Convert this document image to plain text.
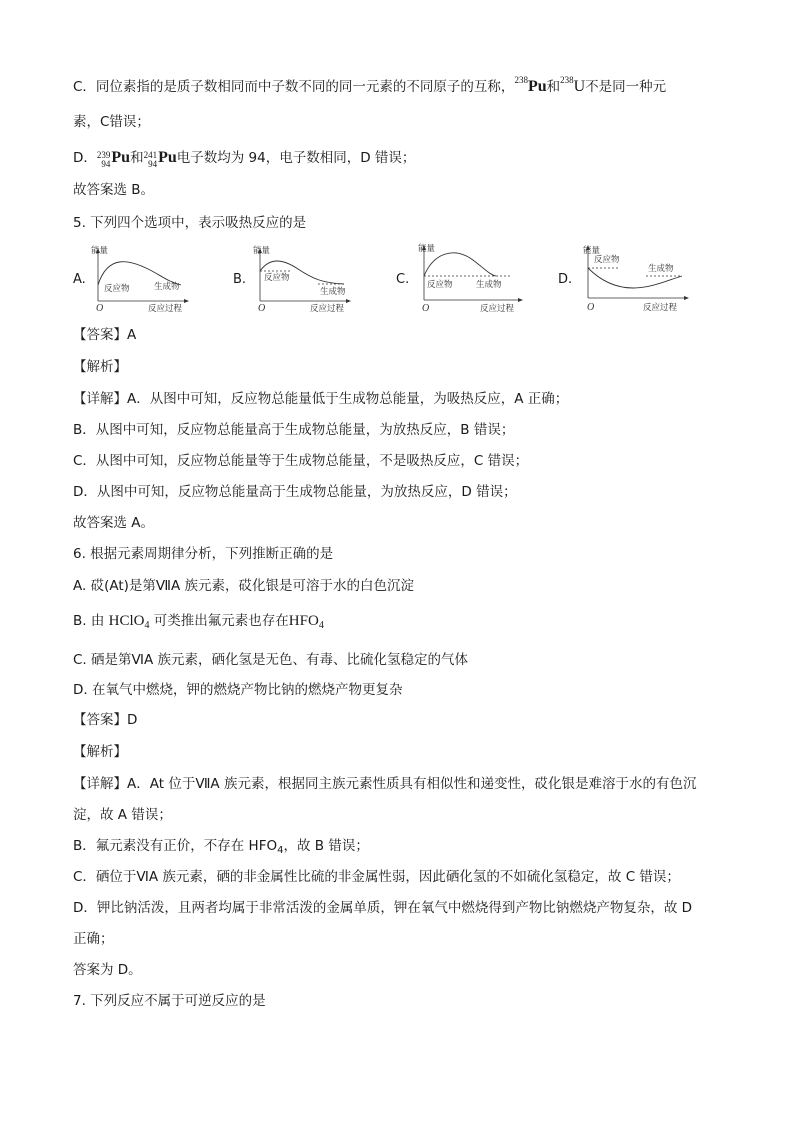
C．同位素指的是质子数相同而中子数不同的同一元素的不同原子的互称，$^{238}$Pu和$^{238}$U不是同一种元
素，C错误；
D．239
94Pu和241
94Pu电子数均为 94，电子数相同，D 错误；
故答案选 B。
5. 下列四个选项中，表示吸热反应的是
A.
能量
反应物	生成物
O	反应过程
B.
能量
反应物
生成物
O	反应过程
C.
能量
反应物	生成物
O	反应过程
D.
能量
反应物
生成物
O	反应过程
【答案】A
【解析】
【详解】A．从图中可知，反应物总能量低于生成物总能量，为吸热反应，A 正确；
B．从图中可知，反应物总能量高于生成物总能量，为放热反应，B 错误；
C．从图中可知，反应物总能量等于生成物总能量，不是吸热反应，C 错误；
D．从图中可知，反应物总能量高于生成物总能量，为放热反应，D 错误；
故答案选 A。
6. 根据元素周期律分析，下列推断正确的是
A. 砹(At)是第ⅦA 族元素，砹化银是可溶于水的白色沉淀
B. 由 HClO$_4$ 可类推出氟元素也存在$HFO_4$
C. 硒是第ⅥA 族元素，硒化氢是无色、有毒、比硫化氢稳定的气体
D. 在氧气中燃烧，钾的燃烧产物比钠的燃烧产物更复杂
【答案】D
【解析】
【详解】A．At 位于ⅦA 族元素，根据同主族元素性质具有相似性和递变性，砹化银是难溶于水的有色沉
淀，故 A 错误；
B．氟元素没有正价，不存在 $HFO_4$，故 B 错误；
C．硒位于ⅥA 族元素，硒的非金属性比硫的非金属性弱，因此硒化氢的不如硫化氢稳定，故 C 错误；
D．钾比钠活泼，且两者均属于非常活泼的金属单质，钾在氧气中燃烧得到产物比钠燃烧产物复杂，故 D
正确；
答案为 D。
7. 下列反应不属于可逆反应的是
